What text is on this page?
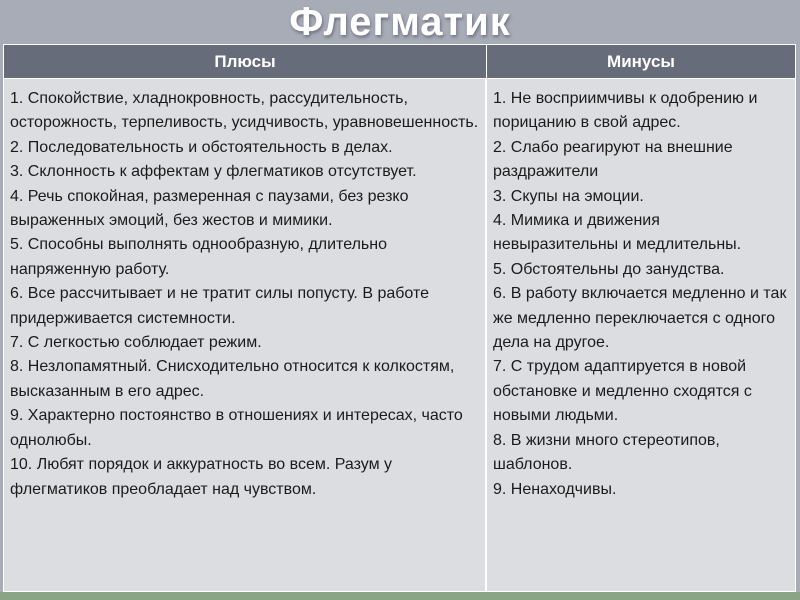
Флегматик
Плюсы	Минусы

1. Спокойствие, хладнокровность, рассудительность, осторожность, терпеливость, усидчивость, уравновешенность.

2. Последовательность и обстоятельность в делах.

3. Склонность к аффектам у флегматиков отсутствует.

4. Речь спокойная, размеренная с паузами, без резко выраженных эмоций, без жестов и мимики.

5. Способны выполнять однообразную, длительно напряженную работу.

6. Все рассчитывает и не тратит силы попусту. В работе придерживается системности.

7. С легкостью соблюдает режим.

8. Незлопамятный. Снисходительно относится к колкостям, высказанным в его адрес.

9. Характерно постоянство в отношениях и интересах, часто однолюбы.

10. Любят порядок и аккуратность во всем. Разум у флегматиков преобладает над чувством.

1. Не восприимчивы к одобрению и порицанию в свой адрес.

2. Слабо реагируют на внешние раздражители

3. Скупы на эмоции.

4. Мимика и движения невыразительны и медлительны.

5. Обстоятельны до занудства.

6. В работу включается медленно и так же медленно переключается с одного дела на другое.

7. С трудом адаптируется в новой обстановке и медленно сходятся с новыми людьми.

8. В жизни много стереотипов, шаблонов.

9. Ненаходчивы.
